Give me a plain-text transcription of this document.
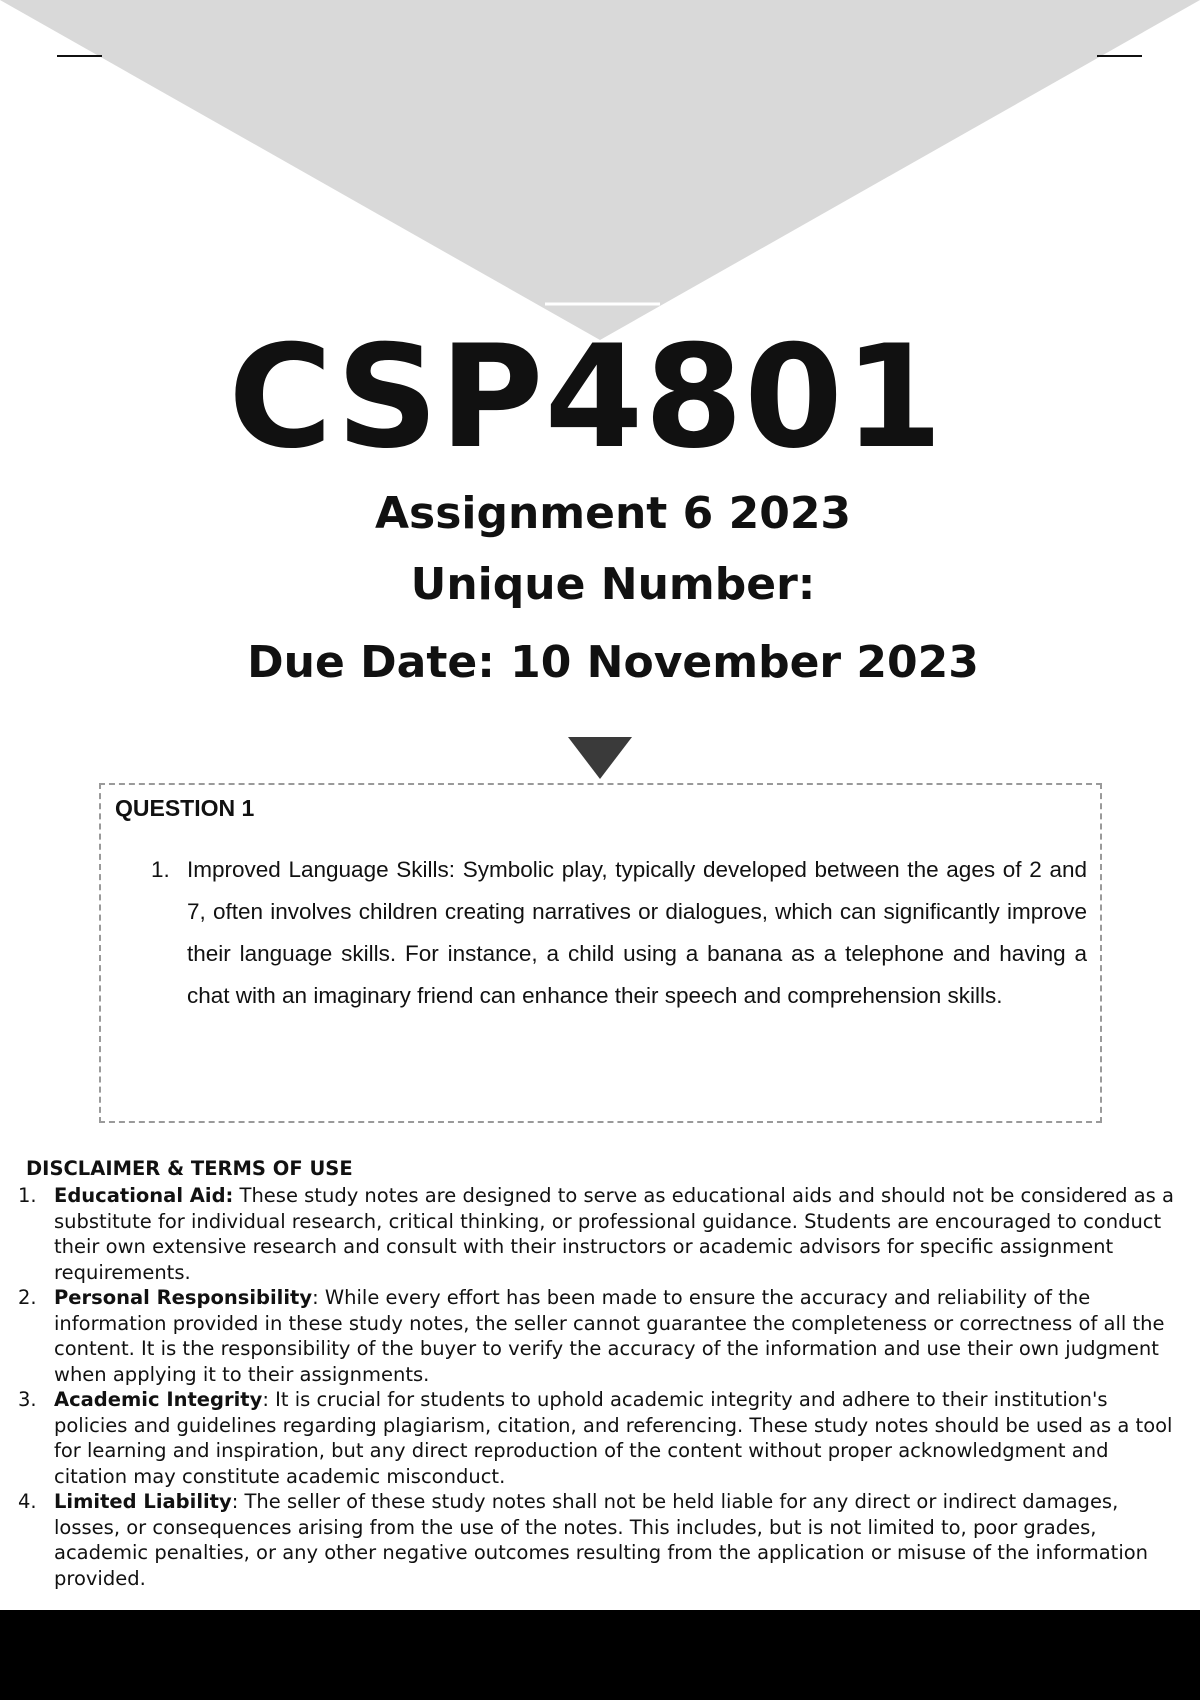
CSP4801

Assignment 6 2023

Unique Number:

Due Date: 10 November 2023

QUESTION 1
1. Improved Language Skills: Symbolic play, typically developed between the ages of 2 and 7, often involves children creating narratives or dialogues, which can significantly improve their language skills. For instance, a child using a banana as a telephone and having a chat with an imaginary friend can enhance their speech and comprehension skills.

DISCLAIMER & TERMS OF USE
1. Educational Aid: These study notes are designed to serve as educational aids and should not be considered as a substitute for individual research, critical thinking, or professional guidance. Students are encouraged to conduct their own extensive research and consult with their instructors or academic advisors for specific assignment requirements.
2. Personal Responsibility: While every effort has been made to ensure the accuracy and reliability of the information provided in these study notes, the seller cannot guarantee the completeness or correctness of all the content. It is the responsibility of the buyer to verify the accuracy of the information and use their own judgment when applying it to their assignments.
3. Academic Integrity: It is crucial for students to uphold academic integrity and adhere to their institution's policies and guidelines regarding plagiarism, citation, and referencing. These study notes should be used as a tool for learning and inspiration, but any direct reproduction of the content without proper acknowledgment and citation may constitute academic misconduct.
4. Limited Liability: The seller of these study notes shall not be held liable for any direct or indirect damages, losses, or consequences arising from the use of the notes. This includes, but is not limited to, poor grades, academic penalties, or any other negative outcomes resulting from the application or misuse of the information provided.
